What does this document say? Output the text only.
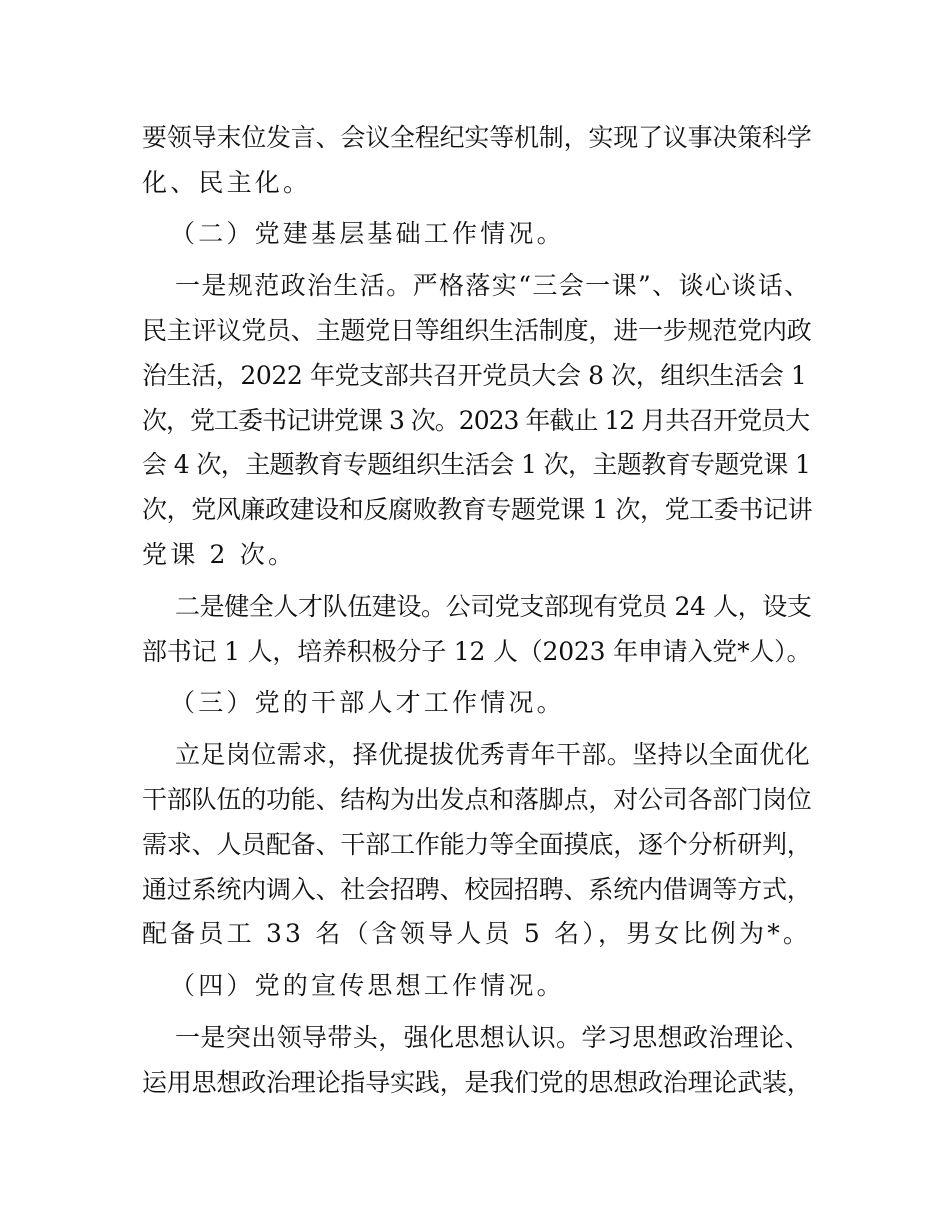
要领导末位发言、会议全程纪实等机制，实现了议事决策科学
化、民主化。
（二）党建基层基础工作情况。
一是规范政治生活。严格落实“三会一课”、谈心谈话、
民主评议党员、主题党日等组织生活制度，进一步规范党内政
治生活，2022 年党支部共召开党员大会 8 次，组织生活会 1
次，党工委书记讲党课 3 次。2023 年截止 12 月共召开党员大
会 4 次，主题教育专题组织生活会 1 次，主题教育专题党课 1
次，党风廉政建设和反腐败教育专题党课 1 次，党工委书记讲
党课 2 次。
二是健全人才队伍建设。公司党支部现有党员 24 人，设支
部书记 1 人，培养积极分子 12 人（2023 年申请入党*人）。
（三）党的干部人才工作情况。
立足岗位需求，择优提拔优秀青年干部。坚持以全面优化
干部队伍的功能、结构为出发点和落脚点，对公司各部门岗位
需求、人员配备、干部工作能力等全面摸底，逐个分析研判，
通过系统内调入、社会招聘、校园招聘、系统内借调等方式，
配备员工 33 名（含领导人员 5 名），男女比例为*。
（四）党的宣传思想工作情况。
一是突出领导带头，强化思想认识。学习思想政治理论、
运用思想政治理论指导实践，是我们党的思想政治理论武装，
